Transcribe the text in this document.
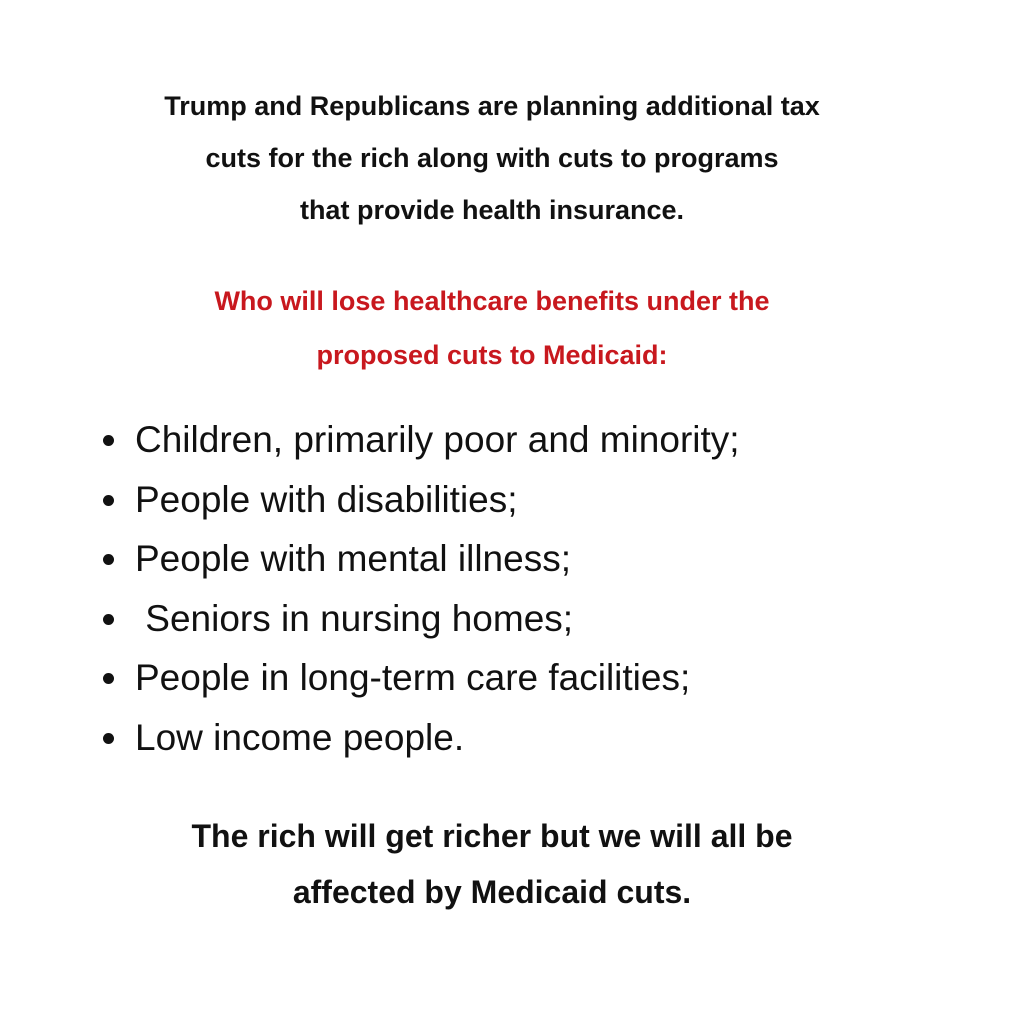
Trump and Republicans are planning additional tax
cuts for the rich along with cuts to programs
that provide health insurance.
Who will lose healthcare benefits under the
proposed cuts to Medicaid:
Children, primarily poor and minority;
People with disabilities;
People with mental illness;
Seniors in nursing homes;
People in long-term care facilities;
Low income people.
The rich will get richer but we will all be
affected by Medicaid cuts.
